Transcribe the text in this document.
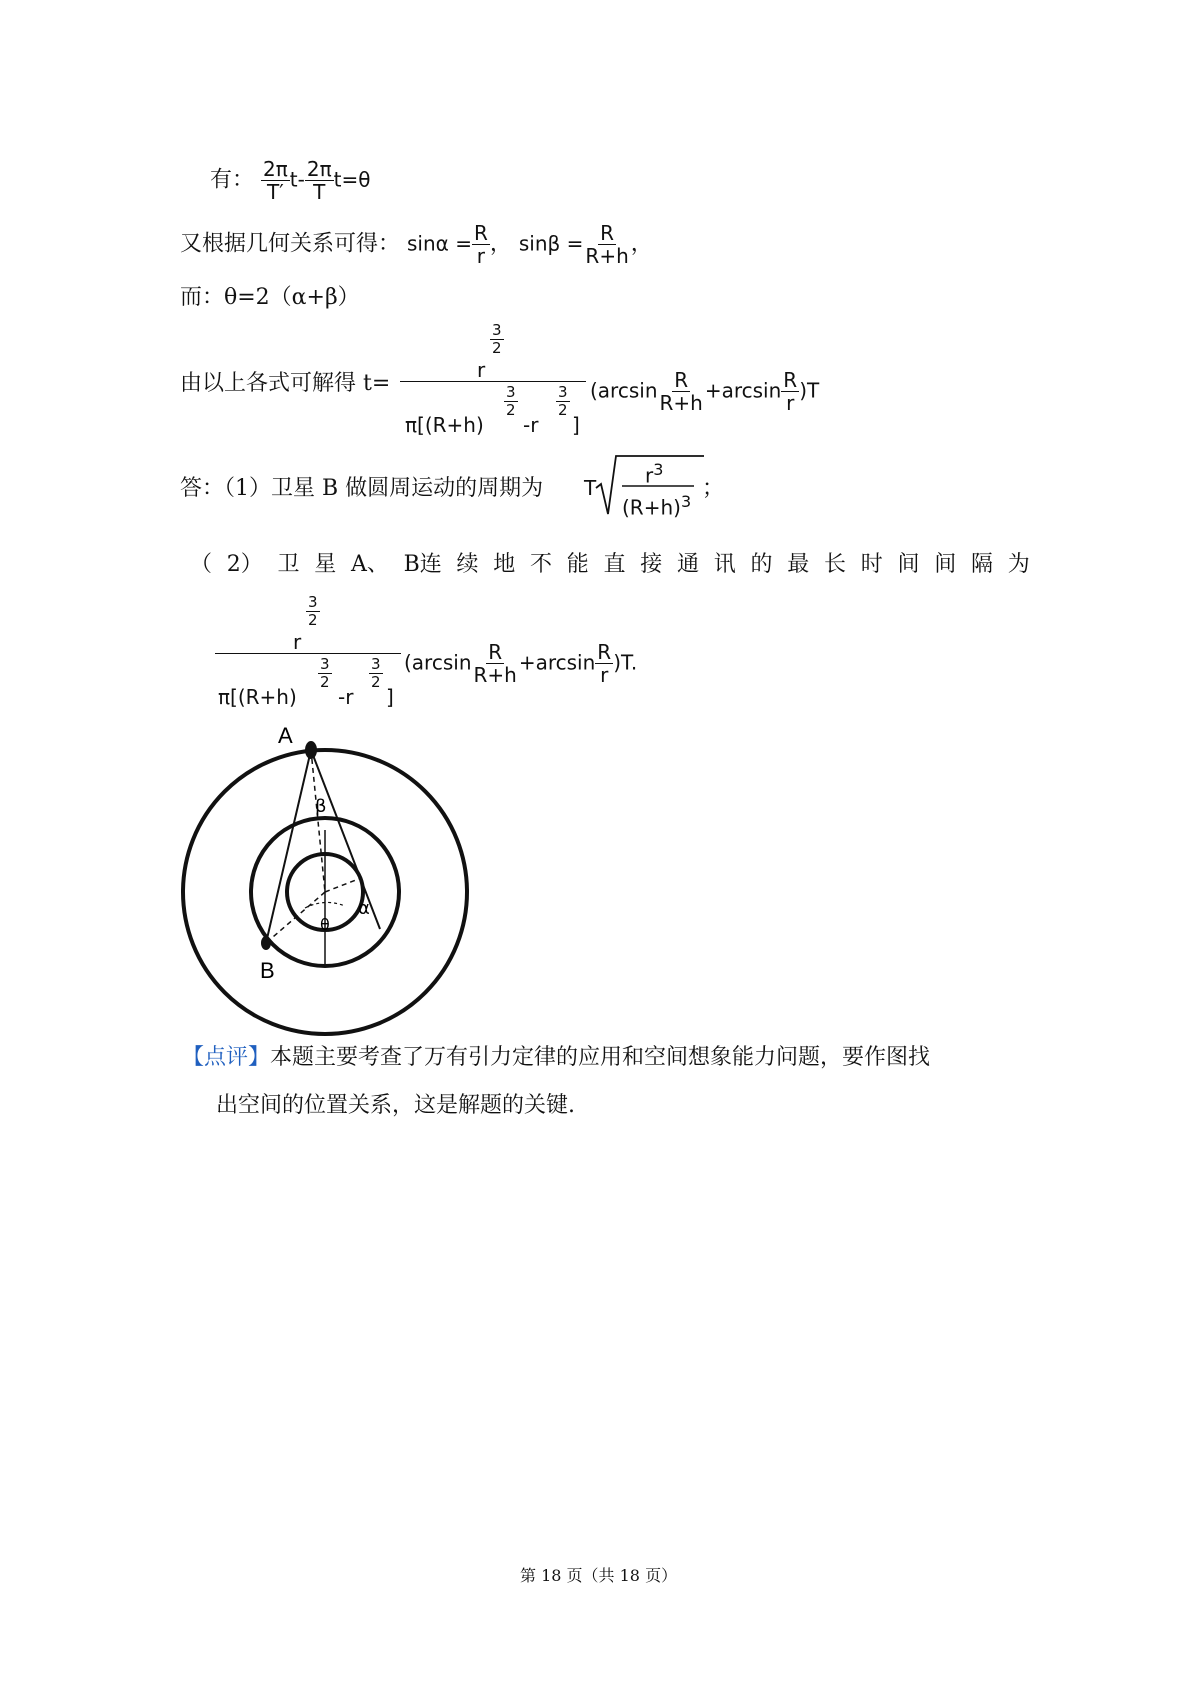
有： $\frac{2\pi}{T'} t- \frac{2\pi}{T} t=\theta$
又根据几何关系可得： $\sin\alpha = \frac{R}{r}$ ， $\sin\beta = \frac{R}{R+h}$ ，
而：θ=2（α+β）
由以上各式可解得 t=
r
$\frac{3}{2}$
π[(R+h)
$\frac{3}{2}$
-r
$\frac{3}{2}$
]
$(\arcsin \frac{R}{R+h} +\arcsin \frac{R}{r} )T$
答：（1）卫星 B 做圆周运动的周期为 T
$r^3$
$(R+h)^3$
；
（ 2） 卫 星 A、 B连 续 地 不 能 直 接 通 讯 的 最 长 时 间 间 隔 为
r
$\frac{3}{2}$
π[(R+h)
$\frac{3}{2}$
-r
$\frac{3}{2}$
]
$(\arcsin \frac{R}{R+h} +\arcsin \frac{R}{r} )T$.
A
B
β
α
θ
【点评】本题主要考查了万有引力定律的应用和空间想象能力问题，要作图找
出空间的位置关系，这是解题的关键.
第 18 页（共 18 页）
